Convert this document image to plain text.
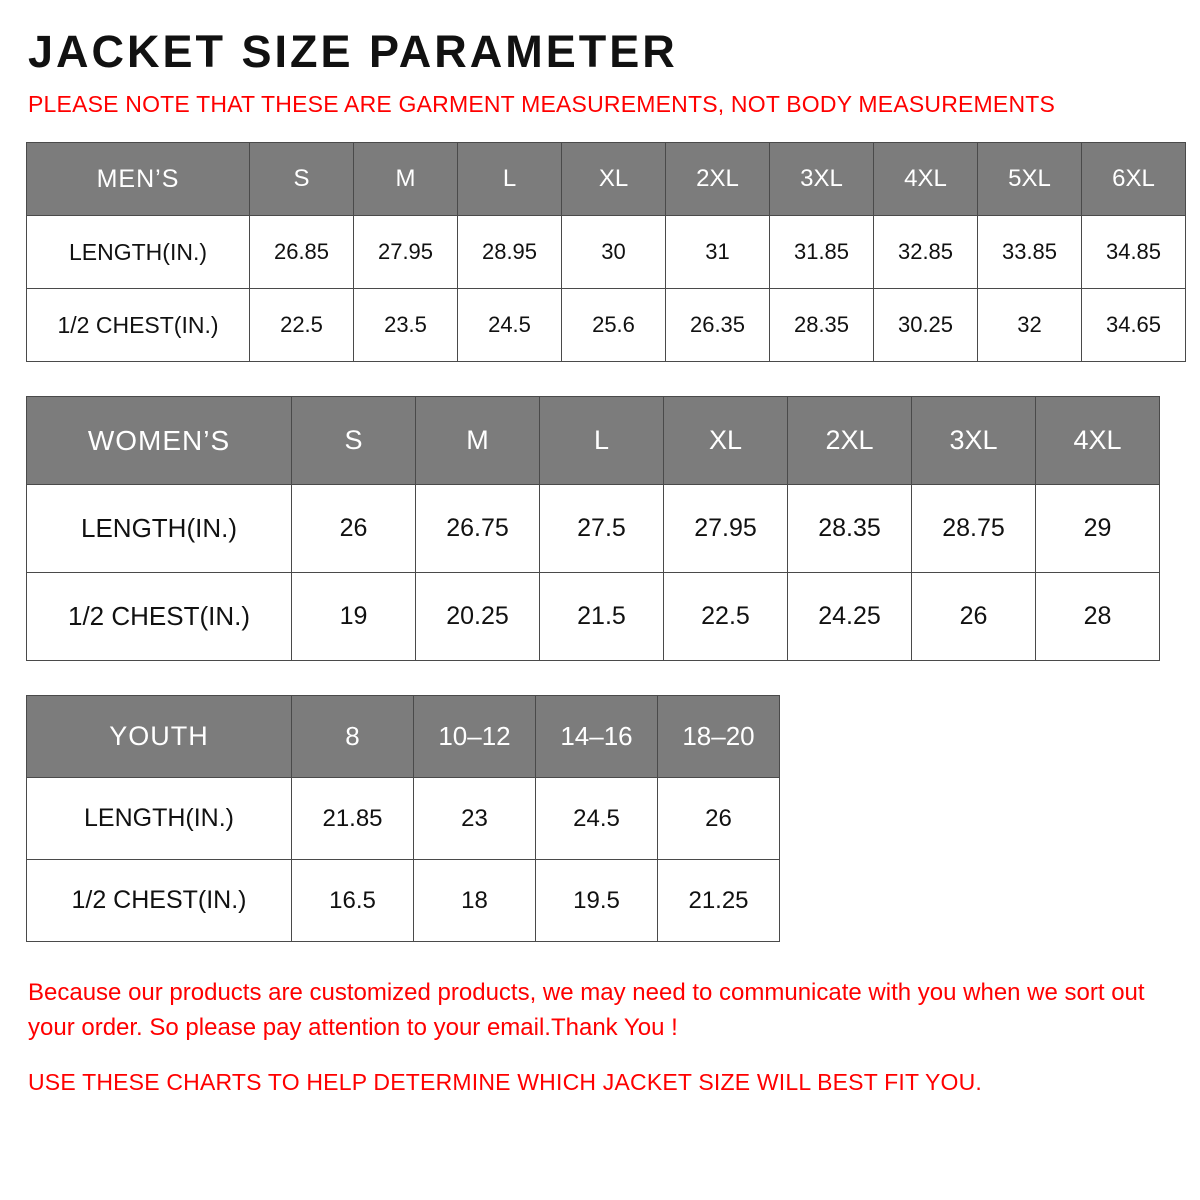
JACKET SIZE PARAMETER

PLEASE NOTE THAT THESE ARE GARMENT MEASUREMENTS, NOT BODY MEASUREMENTS

MEN’S	S	M	L	XL	2XL	3XL	4XL	5XL	6XL
LENGTH(IN.)	26.85	27.95	28.95	30	31	31.85	32.85	33.85	34.85
1/2 CHEST(IN.)	22.5	23.5	24.5	25.6	26.35	28.35	30.25	32	34.65
WOMEN’S	S	M	L	XL	2XL	3XL	4XL
LENGTH(IN.)	26	26.75	27.5	27.95	28.35	28.75	29
1/2 CHEST(IN.)	19	20.25	21.5	22.5	24.25	26	28
YOUTH	8	10–12	14–16	18–20
LENGTH(IN.)	21.85	23	24.5	26
1/2 CHEST(IN.)	16.5	18	19.5	21.25
Because our products are customized products, we may need to communicate with you when we sort out your order. So please pay attention to your email.Thank You !
USE THESE CHARTS TO HELP DETERMINE WHICH JACKET SIZE WILL BEST FIT YOU.
